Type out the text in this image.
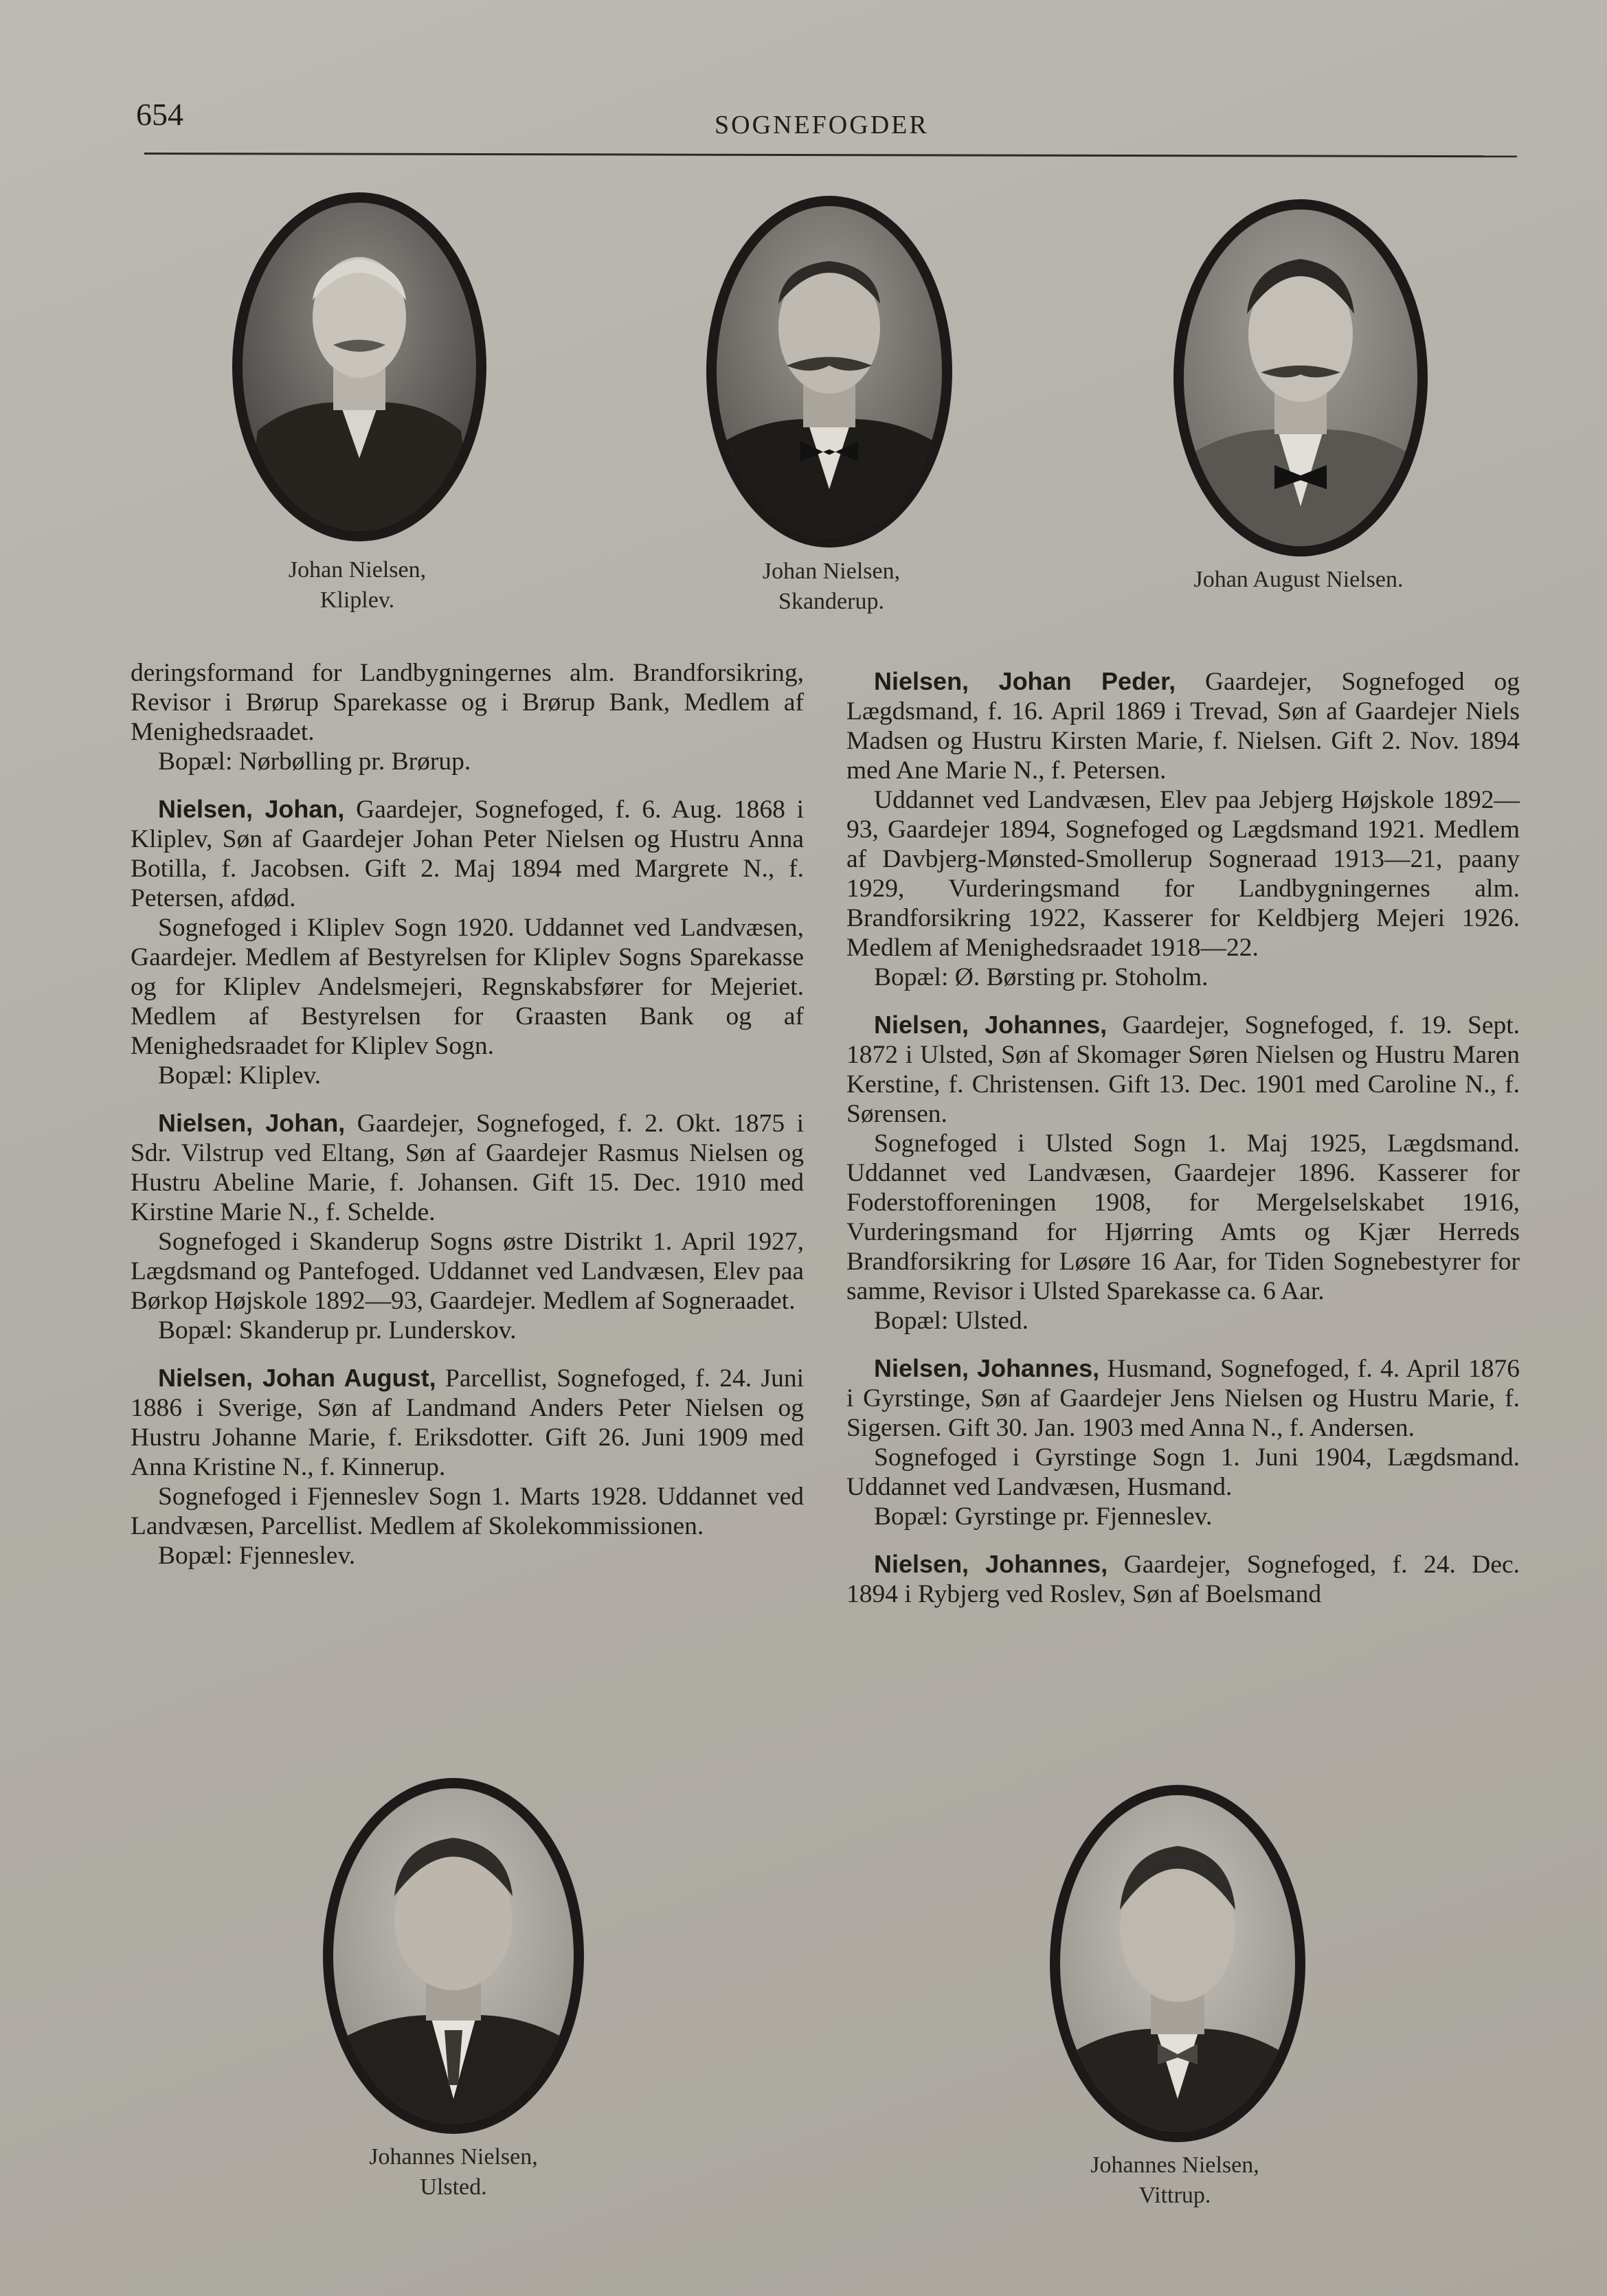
654	SOGNEFOGDER
Johan Nielsen,
Kliplev.
Johan Nielsen,
Skanderup.
Johan August Nielsen.

deringsformand for Landbygningernes alm. Brandforsikring, Revisor i Brørup Sparekasse og i Brørup Bank, Medlem af Menighedsraadet.

Bopæl: Nørbølling pr. Brørup.

Nielsen, Johan, Gaardejer, Sognefoged, f. 6. Aug. 1868 i Kliplev, Søn af Gaardejer Johan Peter Nielsen og Hustru Anna Botilla, f. Jacobsen. Gift 2. Maj 1894 med Margrete N., f. Petersen, afdød.

Sognefoged i Kliplev Sogn 1920. Uddannet ved Landvæsen, Gaardejer. Medlem af Bestyrelsen for Kliplev Sogns Sparekasse og for Kliplev Andelsmejeri, Regnskabsfører for Mejeriet. Medlem af Bestyrelsen for Graasten Bank og af Menighedsraadet for Kliplev Sogn.

Bopæl: Kliplev.

Nielsen, Johan, Gaardejer, Sognefoged, f. 2. Okt. 1875 i Sdr. Vilstrup ved Eltang, Søn af Gaardejer Rasmus Nielsen og Hustru Abeline Marie, f. Johansen. Gift 15. Dec. 1910 med Kirstine Marie N., f. Schelde.

Sognefoged i Skanderup Sogns østre Distrikt 1. April 1927, Lægdsmand og Pantefoged. Uddannet ved Landvæsen, Elev paa Børkop Højskole 1892—93, Gaardejer. Medlem af Sogneraadet.

Bopæl: Skanderup pr. Lunderskov.

Nielsen, Johan August, Parcellist, Sognefoged, f. 24. Juni 1886 i Sverige, Søn af Landmand Anders Peter Nielsen og Hustru Johanne Marie, f. Eriksdotter. Gift 26. Juni 1909 med Anna Kristine N., f. Kinnerup.

Sognefoged i Fjenneslev Sogn 1. Marts 1928. Uddannet ved Landvæsen, Parcellist. Medlem af Skolekommissionen.

Bopæl: Fjenneslev.

Nielsen, Johan Peder, Gaardejer, Sognefoged og Lægdsmand, f. 16. April 1869 i Trevad, Søn af Gaardejer Niels Madsen og Hustru Kirsten Marie, f. Nielsen. Gift 2. Nov. 1894 med Ane Marie N., f. Petersen.

Uddannet ved Landvæsen, Elev paa Jebjerg Højskole 1892—93, Gaardejer 1894, Sognefoged og Lægdsmand 1921. Medlem af Davbjerg-Mønsted-Smollerup Sogneraad 1913—21, paany 1929, Vurderingsmand for Landbygningernes alm. Brandforsikring 1922, Kasserer for Keldbjerg Mejeri 1926. Medlem af Menighedsraadet 1918—22.

Bopæl: Ø. Børsting pr. Stoholm.

Nielsen, Johannes, Gaardejer, Sognefoged, f. 19. Sept. 1872 i Ulsted, Søn af Skomager Søren Nielsen og Hustru Maren Kerstine, f. Christensen. Gift 13. Dec. 1901 med Caroline N., f. Sørensen.

Sognefoged i Ulsted Sogn 1. Maj 1925, Lægdsmand. Uddannet ved Landvæsen, Gaardejer 1896. Kasserer for Foderstofforeningen 1908, for Mergelselskabet 1916, Vurderingsmand for Hjørring Amts og Kjær Herreds Brandforsikring for Løsøre 16 Aar, for Tiden Sognebestyrer for samme, Revisor i Ulsted Sparekasse ca. 6 Aar.

Bopæl: Ulsted.

Nielsen, Johannes, Husmand, Sognefoged, f. 4. April 1876 i Gyrstinge, Søn af Gaardejer Jens Nielsen og Hustru Marie, f. Sigersen. Gift 30. Jan. 1903 med Anna N., f. Andersen.

Sognefoged i Gyrstinge Sogn 1. Juni 1904, Lægdsmand. Uddannet ved Landvæsen, Husmand.

Bopæl: Gyrstinge pr. Fjenneslev.

Nielsen, Johannes, Gaardejer, Sognefoged, f. 24. Dec. 1894 i Rybjerg ved Roslev, Søn af Boelsmand

Johannes Nielsen,
Ulsted.
Johannes Nielsen,
Vittrup.
